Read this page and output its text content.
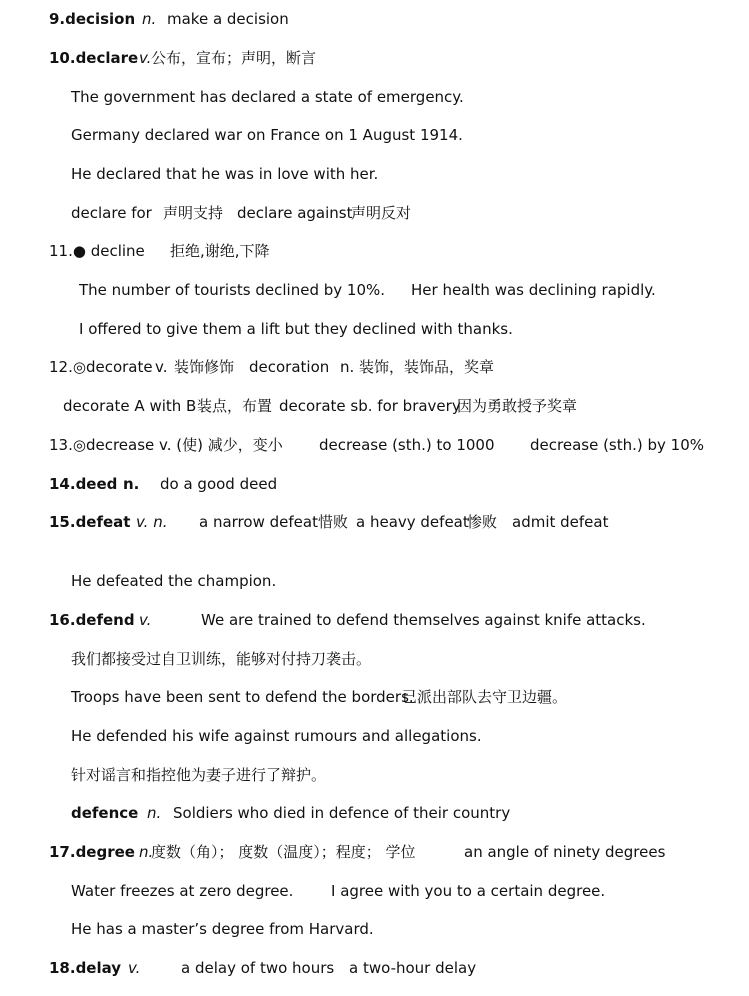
9.decision n. make a decision
10.declare v. 公布，宣布；声明，断言
The government has declared a state of emergency.
Germany declared war on France on 1 August 1914.
He declared that he was in love with her.
declare for 声明支持 declare against
声明反对
11.● decline 拒绝,谢绝,下降
The number of tourists declined by 10%. Her health was declining rapidly.
I offered to give them a lift but they declined with thanks.
12.◎decorate v. 装饰修饰 decoration n. 装饰，装饰品，奖章
decorate A with B 装点，布置 decorate sb. for bravery
因为勇敢授予奖章
13.◎decrease v. (使) 减少，变小 decrease (sth.) to 1000 decrease (sth.) by 10%
14.deed n. do a good deed
15.defeat v. n. a narrow defeat 惜败 a heavy defeat
惨败 admit defeat
He defeated the champion.
16.defend v.	We are trained to defend themselves against knife attacks.
我们都接受过自卫训练，能够对付持刀袭击。
Troops have been sent to defend the borders.
已派出部队去守卫边疆。
He defended his wife against rumours and allegations.
针对谣言和指控他为妻子进行了辩护。
defence n. Soldiers who died in defence of their country
17.degree n.
度数（角）； 度数（温度）；程度； 学位	an angle of ninety degrees
Water freezes at zero degree.	I agree with you to a certain degree.
He has a master’s degree from Harvard.
18.delay v.	a delay of two hours a two-hour delay
